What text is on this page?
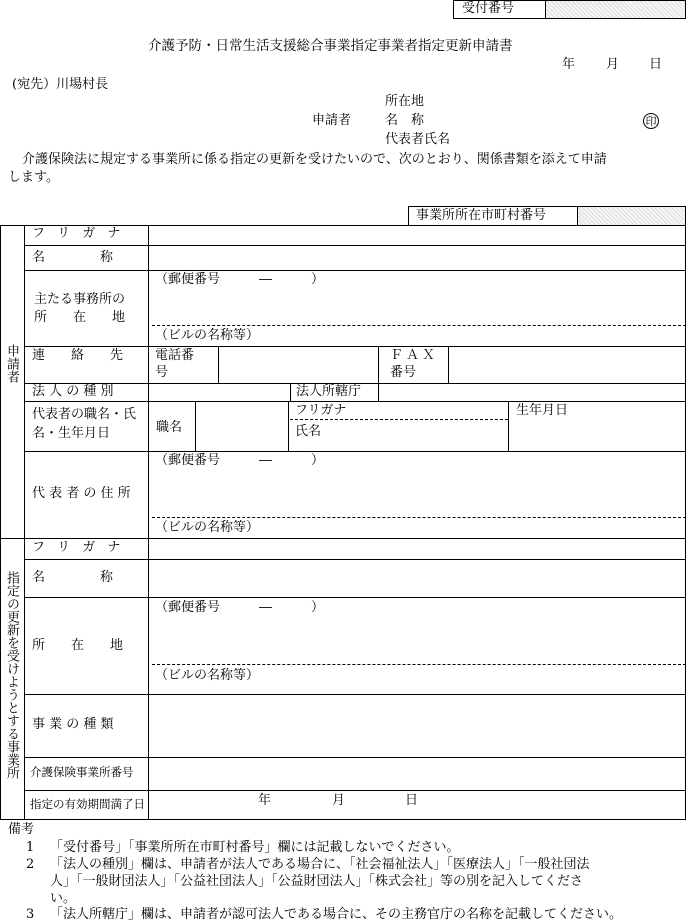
受付番号
介護予防・日常生活支援総合事業指定事業者指定更新申請書
年 月 日
(宛先）川場村長
所在地
申請者	名　称
代表者氏名
印
介護保険法に規定する事業所に係る指定の更新を受けたいので、次のとおり、関係書類を添えて申請
します。
事業所所在市町村番号
申請者
指定の更新を受けようとする事業所
フ リ ガ ナ
名　　　称
主たる事務所の
所　　在　　地
（郵便番号　　　―　　　）
（ビルの名称等）
連　　絡　　先 電話番
号
ＦＡＸ
番号
法 人 の 種 別	法人所轄庁
代表者の職名・氏
名・生年月日	職名
フリガナ
氏名
生年月日
代 表 者 の 住 所
（郵便番号　　　―　　　）
（ビルの名称等）
フ リ ガ ナ
名　　　称
所　　在　　地
（郵便番号　　　―　　　）
（ビルの名称等）
事 業 の 種 類
介護保険事業所番号
指定の有効期間満了日	年	月	日
備考
1 「受付番号」「事業所所在市町村番号」欄には記載しないでください。
2 「法人の種別」欄は、申請者が法人である場合に、「社会福祉法人」「医療法人」「一般社団法
人」「一般財団法人」「公益社団法人」「公益財団法人」「株式会社」等の別を記入してくださ
い。
3 「法人所轄庁」欄は、申請者が認可法人である場合に、その主務官庁の名称を記載してください。
